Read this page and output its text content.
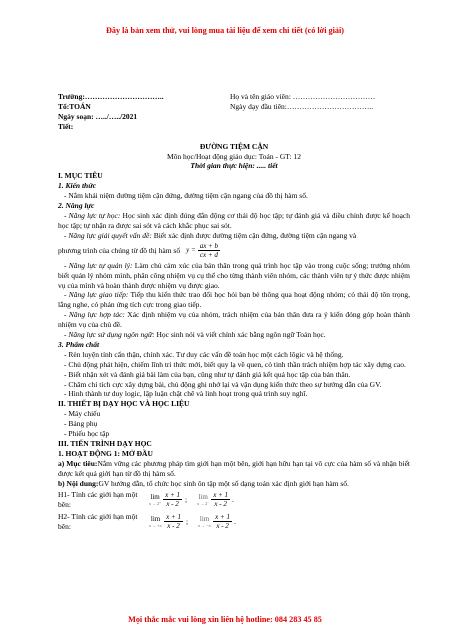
Đây là bản xem thử, vui lòng mua tài liệu để xem chi tiết (có lời giải)
Trường:…………………………..	Họ và tên giáo viên: ……………………………
Tổ:TOÁN	Ngày dạy đầu tiên:……………………………..

Ngày soạn: …../…../2021

Tiết:

ĐƯỜNG TIỆM CẬN

Môn học/Hoạt động giáo dục: Toán - GT: 12

Thời gian thực hiện: ..... tiết

I. MỤC TIÊU

1. Kiến thức

- Nắm khái niệm đường tiệm cận đứng, đường tiệm cận ngang của đồ thị hàm số.

2. Năng lực

- Năng lực tự học: Học sinh xác định đúng đắn động cơ thái độ học tập; tự đánh giá và điều chỉnh được kế hoạch học tập; tự nhận ra được sai sót và cách khắc phục sai sót.

- Năng lực giải quyết vấn đề: Biết xác định được đường tiệm cận đứng, đường tiệm cận ngang và

phương trình của chúng từ đồ thị hàm số $y = \frac{ax + b}{cx + d}$

- Năng lực tự quản lý: Làm chủ cảm xúc của bản thân trong quá trình học tập vào trong cuộc sống; trưởng nhóm biết quản lý nhóm mình, phân công nhiệm vụ cụ thể cho từng thành viên nhóm, các thành viên tự ý thức được nhiệm vụ của mình và hoàn thành được nhiệm vụ được giao.

- Năng lực giao tiếp: Tiếp thu kiến thức trao đổi học hỏi bạn bè thông qua hoạt động nhóm; có thái độ tôn trọng, lắng nghe, có phản ứng tích cực trong giao tiếp.

- Năng lực hợp tác: Xác định nhiệm vụ của nhóm, trách nhiệm của bản thân đưa ra ý kiến đóng góp hoàn thành nhiệm vụ của chủ đề.

- Năng lực sử dụng ngôn ngữ: Học sinh nói và viết chính xác bằng ngôn ngữ Toán học.

3. Phẩm chất

- Rèn luyện tính cẩn thận, chính xác. Tư duy các vấn đề toán học một cách lôgic và hệ thống.

- Chủ động phát hiện, chiếm lĩnh tri thức mới, biết quy lạ về quen, có tinh thần trách nhiệm hợp tác xây dựng cao.

- Biết nhận xét và đánh giá bài làm của bạn, cũng như tự đánh giá kết quả học tập của bản thân.

- Chăm chỉ tích cực xây dựng bài, chủ động ghi nhớ lại và vận dụng kiến thức theo sự hướng dẫn của GV.

- Hình thành tư duy logic, lập luận chặt chẽ và linh hoạt trong quá trình suy nghĩ.

II. THIẾT BỊ DẠY HỌC VÀ HỌC LIỆU

- Máy chiếu

- Bảng phụ

- Phiếu học tập

III. TIẾN TRÌNH DẠY HỌC

1. HOẠT ĐỘNG 1: MỞ ĐẦU

a) Mục tiêu:Nắm vững các phương pháp tìm giới hạn một bên, giới hạn hữu hạn tại vô cực của hàm số và nhận biết được kết quả giới hạn từ đồ thị hàm số.

b) Nội dung:GV hướng dẫn, tổ chức học sinh ôn tập một số dạng toán xác định giới hạn hàm số.

H1- Tính các giới hạn một bên:
lim
$x \to 2^+ \frac{x + 1}{x - 2}$ ; lim
$x \to 2^- \frac{x + 1}{x - 2}$ .
H2- Tính các giới hạn một bên:
lim
x → +∞ $\frac{x + 1}{x - 2}$ ; lim
x → −∞ $\frac{x + 1}{x - 2}$ .
Mọi thắc mắc vui lòng xin liên hệ hotline: 084 283 45 85
